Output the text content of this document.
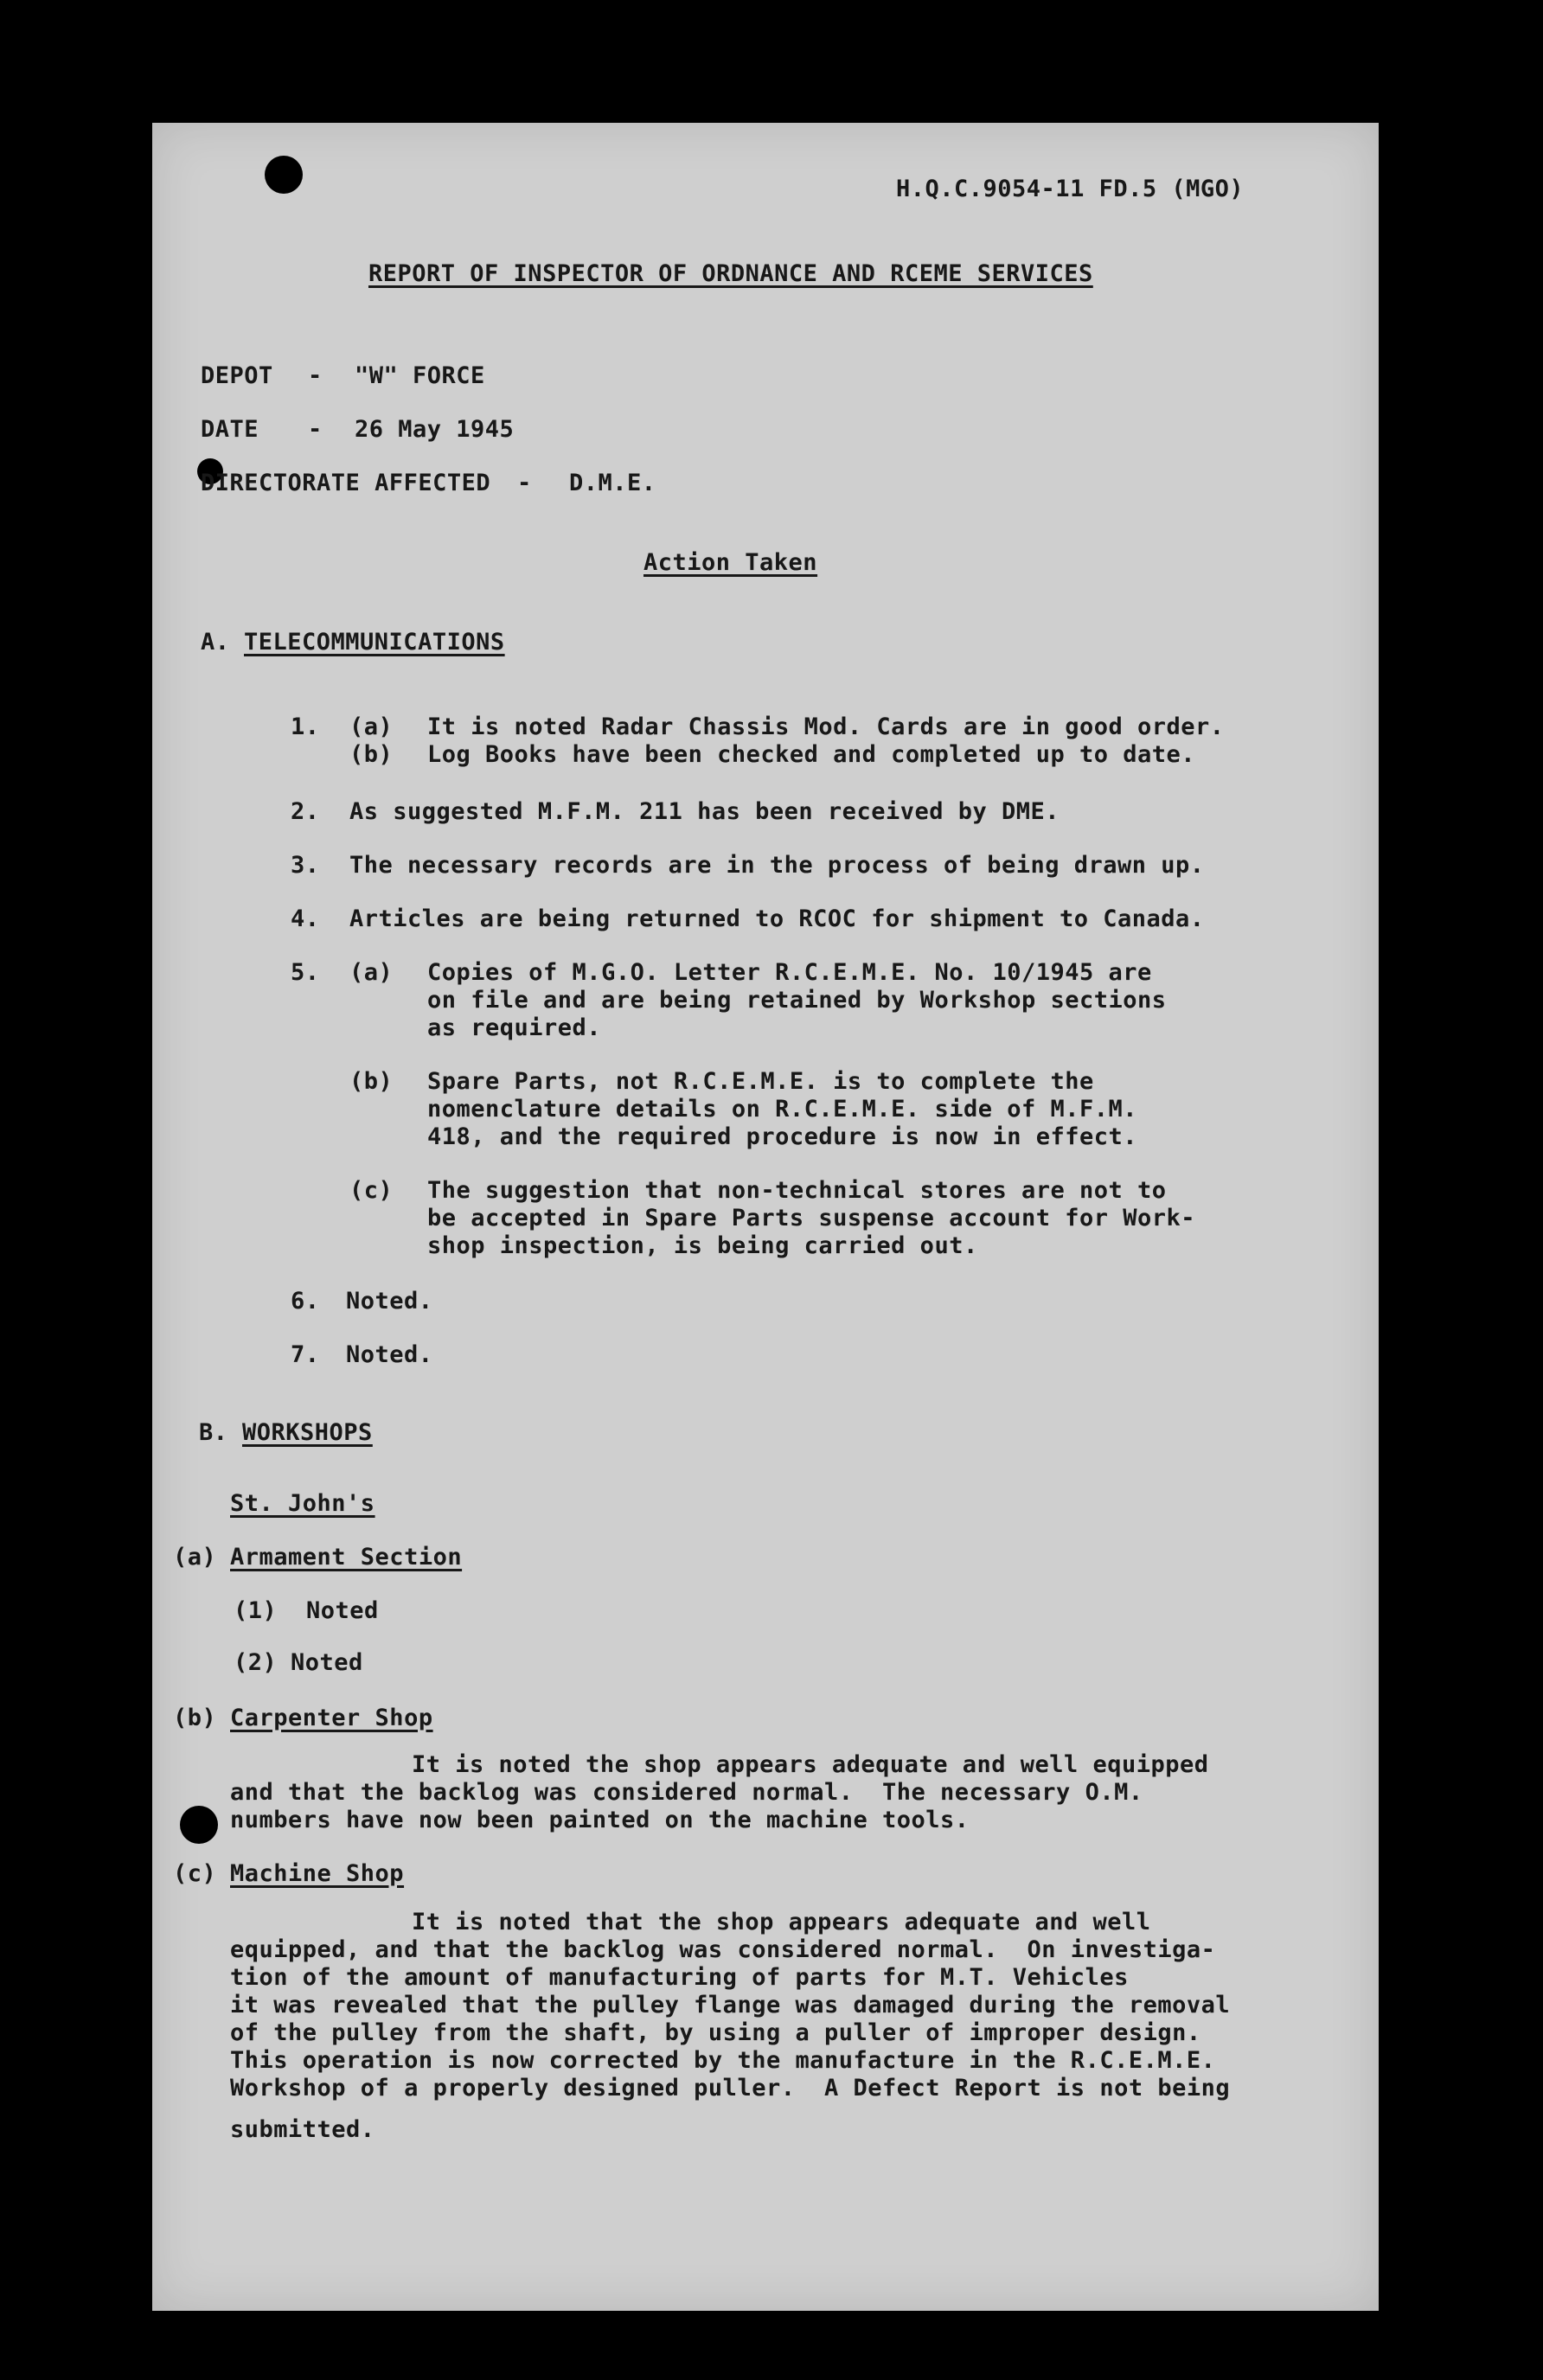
H.Q.C.9054-11 FD.5 (MGO)
REPORT OF INSPECTOR OF ORDNANCE AND RCEME SERVICES
DEPOT - "W" FORCE
DATE - 26 May 1945
DIRECTORATE AFFECTED - D.M.E.
Action Taken
A. TELECOMMUNICATIONS
1. (a) It is noted Radar Chassis Mod. Cards are in good order.
(b) Log Books have been checked and completed up to date.
2. As suggested M.F.M. 211 has been received by DME.
3. The necessary records are in the process of being drawn up.
4. Articles are being returned to RCOC for shipment to Canada.
5. (a) Copies of M.G.O. Letter R.C.E.M.E. No. 10/1945 are
on file and are being retained by Workshop sections
as required.
(b) Spare Parts, not R.C.E.M.E. is to complete the
nomenclature details on R.C.E.M.E. side of M.F.M.
418, and the required procedure is now in effect.
(c) The suggestion that non-technical stores are not to
be accepted in Spare Parts suspense account for Work-
shop inspection, is being carried out.
6. Noted.
7. Noted.
B. WORKSHOPS
St. John's
(a) Armament Section
(1) Noted
(2) Noted
(b) Carpenter Shop
It is noted the shop appears adequate and well equipped
and that the backlog was considered normal.  The necessary O.M.
numbers have now been painted on the machine tools.
(c) Machine Shop
It is noted that the shop appears adequate and well
equipped, and that the backlog was considered normal.  On investiga-
tion of the amount of manufacturing of parts for M.T. Vehicles
it was revealed that the pulley flange was damaged during the removal
of the pulley from the shaft, by using a puller of improper design.
This operation is now corrected by the manufacture in the R.C.E.M.E.
Workshop of a properly designed puller.  A Defect Report is not being
submitted.
